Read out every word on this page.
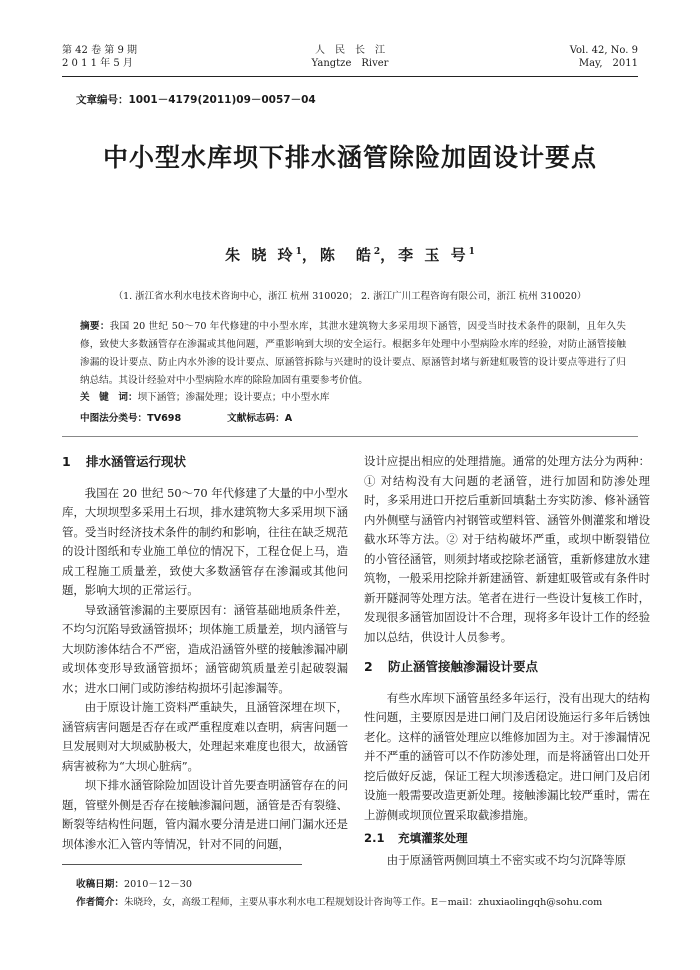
第 42 卷 第 9 期
2 0 1 1 年 5 月
人　民　长　江
Yangtze　River
Vol. 42, No. 9
May,　2011
文章编号：1001－4179(2011)09－0057－04
中小型水库坝下排水涵管除险加固设计要点
朱 晓 玲$^1$，陈　皓$^2$，李 玉 号$^1$
（1. 浙江省水利水电技术咨询中心，浙江 杭州 310020； 2. 浙江广川工程咨询有限公司，浙江 杭州 310020）
摘要：我国 20 世纪 50～70 年代修建的中小型水库，其泄水建筑物大多采用坝下涵管，因受当时技术条件的限制，且年久失修，致使大多数涵管存在渗漏或其他问题，严重影响到大坝的安全运行。根据多年处理中小型病险水库的经验，对防止涵管接触渗漏的设计要点、防止内水外渗的设计要点、原涵管拆除与兴建时的设计要点、原涵管封堵与新建虹吸管的设计要点等进行了归纳总结。其设计经验对中小型病险水库的除险加固有重要参考价值。
关　键　词：坝下涵管；渗漏处理；设计要点；中小型水库
中图法分类号：TV698	文献标志码：A
1 排水涵管运行现状

我国在 20 世纪 50～70 年代修建了大量的中小型水库，大坝坝型多采用土石坝，排水建筑物大多采用坝下涵管。受当时经济技术条件的制约和影响，往往在缺乏规范的设计图纸和专业施工单位的情况下，工程仓促上马，造成工程施工质量差，致使大多数涵管存在渗漏或其他问题，影响大坝的正常运行。

导致涵管渗漏的主要原因有：涵管基础地质条件差，不均匀沉陷导致涵管损坏；坝体施工质量差，坝内涵管与大坝防渗体结合不严密，造成沿涵管外壁的接触渗漏冲刷或坝体变形导致涵管损坏；涵管砌筑质量差引起破裂漏水；进水口闸门或防渗结构损坏引起渗漏等。

由于原设计施工资料严重缺失，且涵管深埋在坝下，涵管病害问题是否存在或严重程度难以查明，病害问题一旦发展则对大坝威胁极大，处理起来难度也很大，故涵管病害被称为“大坝心脏病”。

坝下排水涵管除险加固设计首先要查明涵管存在的问题，管壁外侧是否存在接触渗漏问题，涵管是否有裂缝、断裂等结构性问题，管内漏水要分清是进口闸门漏水还是坝体渗水汇入管内等情况，针对不同的问题，

设计应提出相应的处理措施。通常的处理方法分为两种：① 对结构没有大问题的老涵管，进行加固和防渗处理时，多采用进口开挖后重新回填黏土夯实防渗、修补涵管内外侧壁与涵管内衬钢管或塑料管、涵管外侧灌浆和增设截水环等方法。② 对于结构破坏严重，或坝中断裂错位的小管径涵管，则须封堵或挖除老涵管，重新修建放水建筑物，一般采用挖除并新建涵管、新建虹吸管或有条件时新开隧洞等处理方法。笔者在进行一些设计复核工作时，发现很多涵管加固设计不合理，现将多年设计工作的经验加以总结，供设计人员参考。

2 防止涵管接触渗漏设计要点

有些水库坝下涵管虽经多年运行，没有出现大的结构性问题，主要原因是进口闸门及启闭设施运行多年后锈蚀老化。这样的涵管处理应以维修加固为主。对于渗漏情况并不严重的涵管可以不作防渗处理，而是将涵管出口处开挖后做好反滤，保证工程大坝渗透稳定。进口闸门及启闭设施一般需要改造更新处理。接触渗漏比较严重时，需在上游侧或坝顶位置采取截渗措施。

2.1 充填灌浆处理

由于原涵管两侧回填土不密实或不均匀沉降等原

收稿日期：2010－12－30
作者简介：朱晓玲，女，高级工程师，主要从事水利水电工程规划设计咨询等工作。E－mail：zhuxiaolingqh@sohu.com
